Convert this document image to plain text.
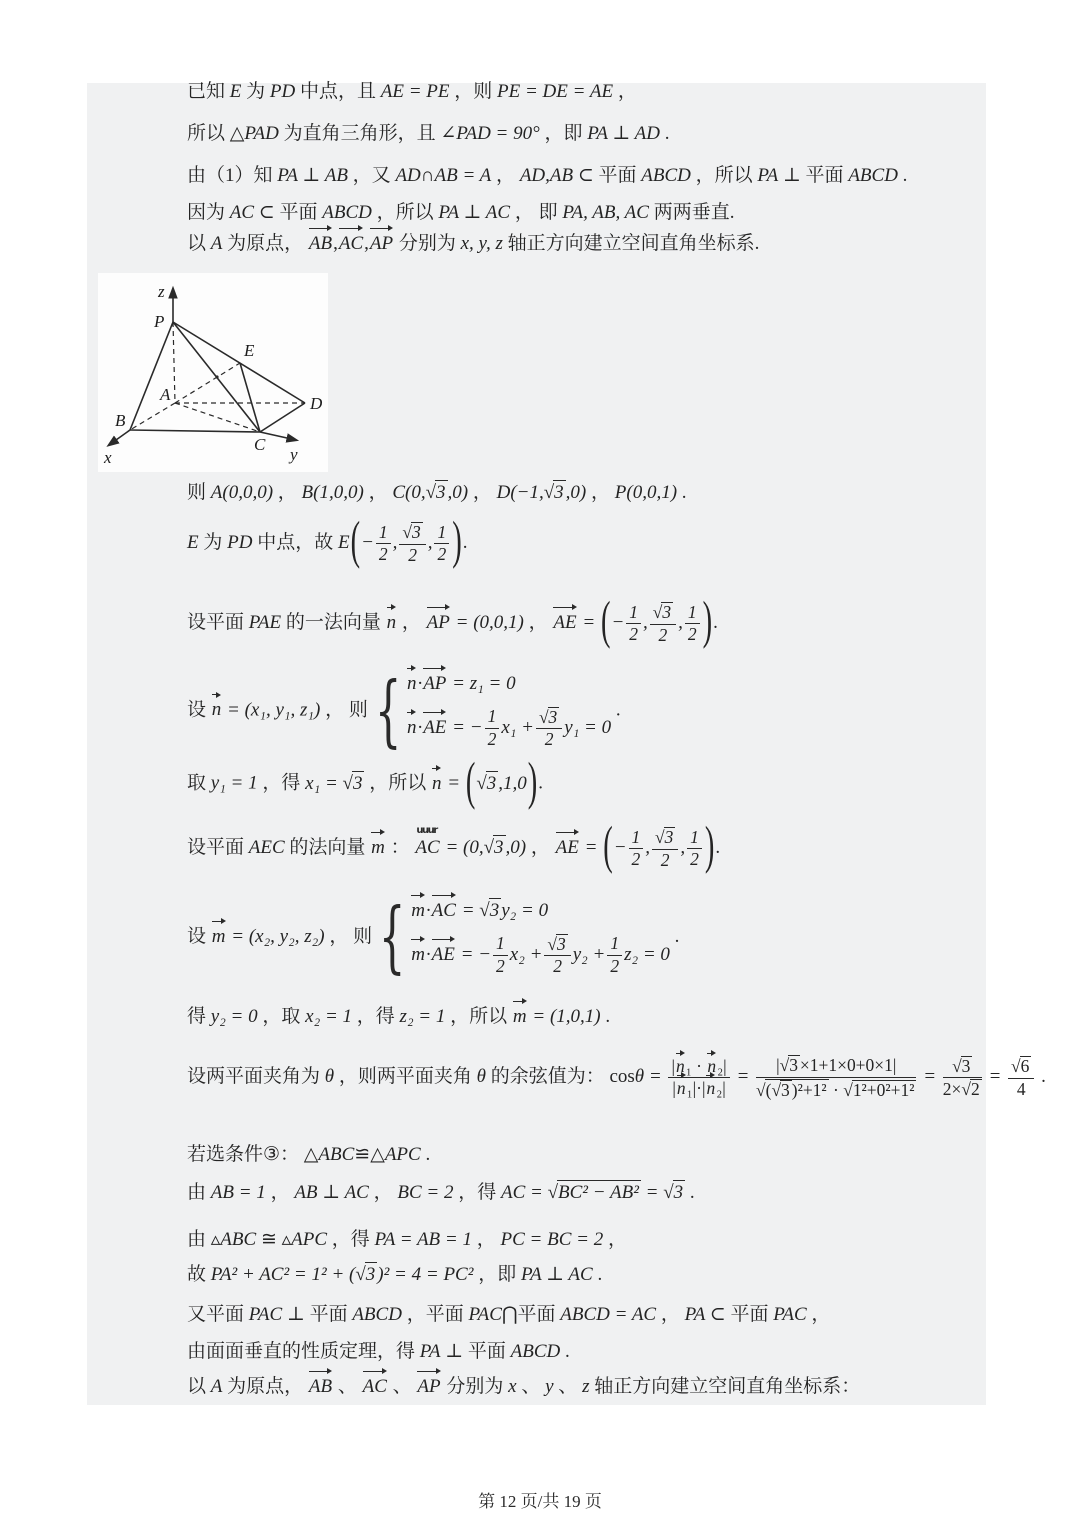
已知 E 为 PD 中点，且 AE = PE ，则 PE = DE = AE ，
所以 △PAD 为直角三角形，且 ∠PAD = 90° ，即 PA ⊥ AD .
由（1）知 PA ⊥ AB ，又 AD∩AB = A ， AD,AB ⊂ 平面 ABCD ，所以 PA ⊥ 平面 ABCD .
因为 AC ⊂ 平面 ABCD ，所以 PA ⊥ AC ， 即 PA, AB, AC 两两垂直.
以 A 为原点， AB
,AC
,AP
分别为 x, y, z 轴正方向建立空间直角坐标系.
z
P
E
A	D
B
C
x	y
则 A(0,0,0) ， B(1,0,0) ， C(0,√3 ,0) ， D(−1,√3 ,0) ， P(0,0,1) .
E 为 PD 中点，故 $E(- \frac{1}{2}$ , $\frac{√3}{2}$ , $\frac{1}{2}$ ).
设平面 PAE 的一法向量 n
， AP = (0,0,1) ， AE = (− $\frac{1}{2}$ , $\frac{√3}{2}$ , $\frac{1}{2}$ ).
设 n = (x₁, y₁, z₁) ， 则 { n
·AP = z₁ = 0
n
·AE = − $\frac{1}{2} x_1 + \frac{√3}{2} y_1 = 0$
.
取 y₁ = 1 ，得 x₁ = √3 ，所以 n = (√3 ,1,0).
设平面 AEC 的法向量 m
：
uuur
AC = (0,√3 ,0) ， AE = (− $\frac{1}{2}$ , $\frac{√3}{2}$ , $\frac{1}{2}$ ).
设 m = (x₂, y₂, z₂) ， 则 { m
·AC = √3 y₂ = 0
m
·AE = − $\frac{1}{2} x_2 + \frac{√3}{2} y_2 + \frac{1}{2} z_2 = 0$
.
得 y₂ = 0 ，取 x₂ = 1 ，得 z₂ = 1 ，所以 m = (1,0,1) .
设两平面夹角为 θ ，则两平面夹角 θ 的余弦值为： cosθ = |n
₁ · n
₂|
|n
₁|·|n
$_2| = \frac{|√3 \times 1+1\times 0+0\times 1|}{\text{√(√3 )²+1² · √1²+0²+1²}} = \frac{√3}{2\times√2} = \frac{√6}{4}$ .
若选条件③： △ABC≌△APC .
由 AB = 1 ， AB ⊥ AC ， BC = 2 ，得 AC = √BC² − AB² = √3 .
由 ▵ABC ≅ ▵APC ，得 PA = AB = 1 ， PC = BC = 2 ，
故 PA² + AC² = 1² + (√3 )² = 4 = PC² ，即 PA ⊥ AC .
又平面 PAC ⊥ 平面 ABCD ，平面 PAC⋂平面 ABCD = AC ， PA ⊂ 平面 PAC ，
由面面垂直的性质定理，得 PA ⊥ 平面 ABCD .
以 A 为原点， AB
、 AC
、 AP
分别为 x 、 y 、 z 轴正方向建立空间直角坐标系：
第 12 页/共 19 页
